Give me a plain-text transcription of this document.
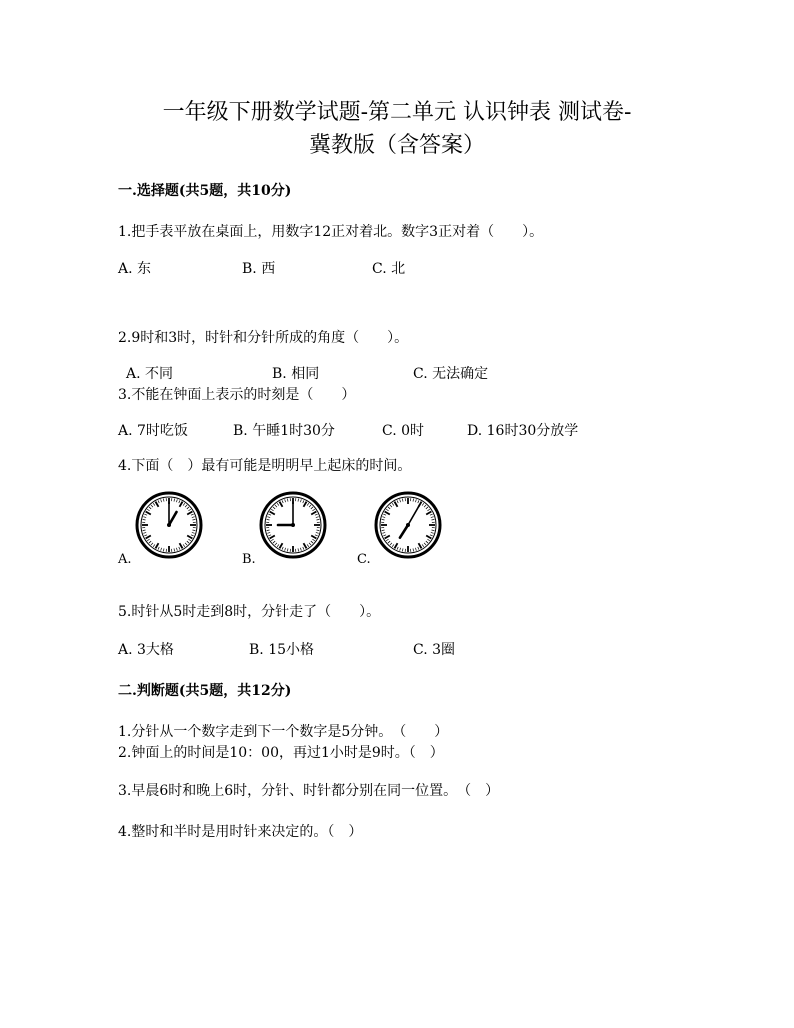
一年级下册数学试题-第二单元 认识钟表 测试卷-
冀教版（含答案）
一.选择题(共5题，共10分)
1.把手表平放在桌面上，用数字12正对着北。数字3正对着（　　）。
A. 东	B. 西	C. 北
2.9时和3时，时针和分针所成的角度（　　）。
A. 不同	B. 相同	C. 无法确定
3.不能在钟面上表示的时刻是（　　）
A. 7时吃饭	B. 午睡1时30分	C. 0时	D. 16时30分放学
4.下面（　）最有可能是明明早上起床的时间。
A.	B.	C.
5.时针从5时走到8时，分针走了（　　）。
A. 3大格	B. 15小格	C. 3圈
二.判断题(共5题，共12分)
1.分针从一个数字走到下一个数字是5分钟。　（　　）
2.钟面上的时间是10：00，再过1小时是9时。（　）
3.早晨6时和晚上6时，分针、时针都分别在同一位置。　（　）
4.整时和半时是用时针来决定的。（　）
